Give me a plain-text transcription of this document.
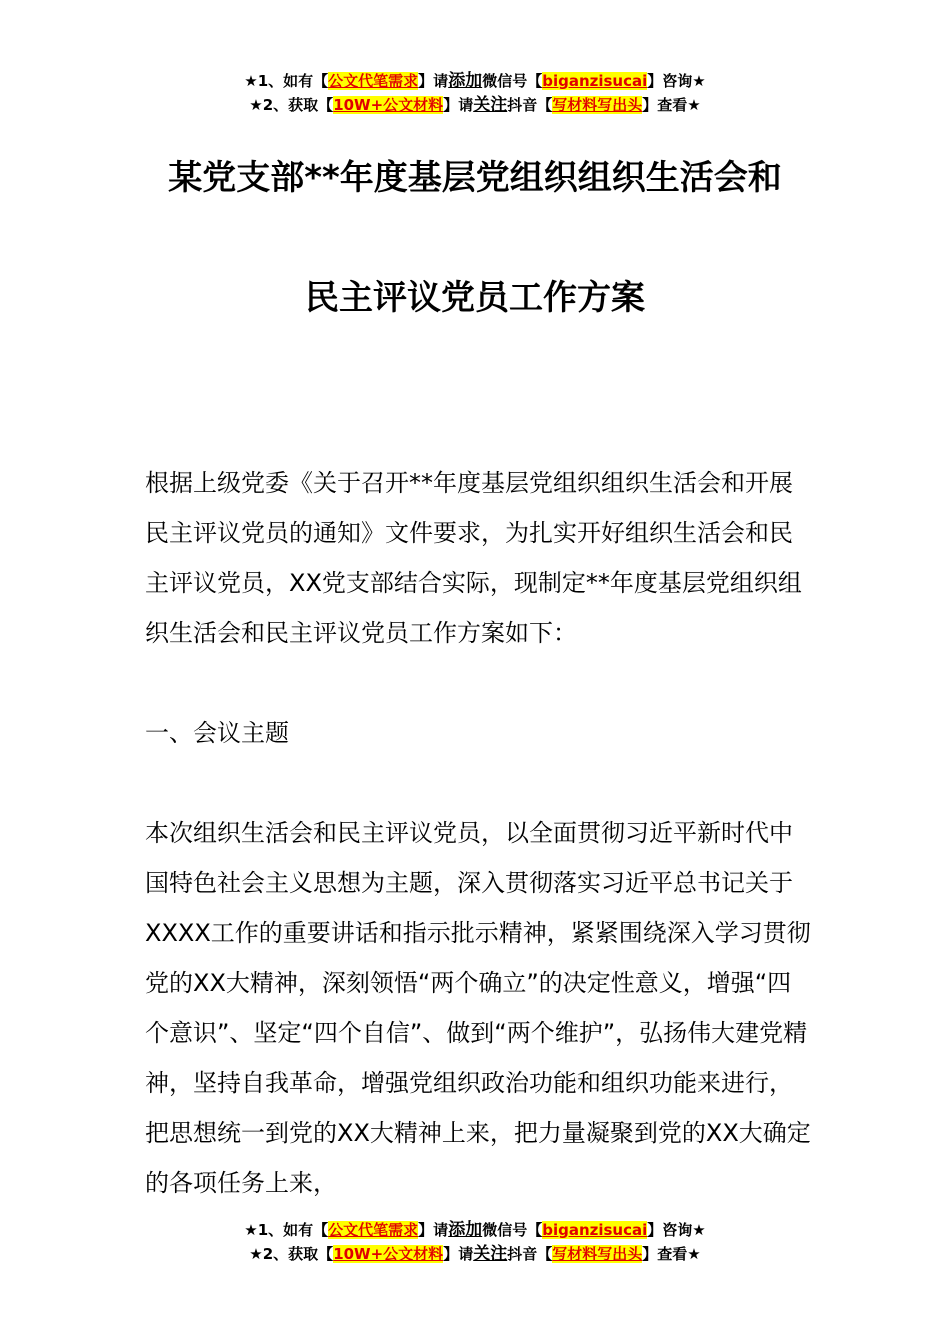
★1、如有【公文代笔需求】请添加微信号【biganzisucai】咨询★
★2、获取【10W+公文材料】请关注抖音【写材料写出头】查看★
某党支部**年度基层党组织组织生活会和
民主评议党员工作方案

根据上级党委《关于召开**年度基层党组织组织生活会和开展民主评议党员的通知》文件要求，为扎实开好组织生活会和民主评议党员，XX党支部结合实际，现制定**年度基层党组织组织生活会和民主评议党员工作方案如下：

一、会议主题

本次组织生活会和民主评议党员，以全面贯彻习近平新时代中国特色社会主义思想为主题，深入贯彻落实习近平总书记关于XXXX工作的重要讲话和指示批示精神，紧紧围绕深入学习贯彻党的XX大精神，深刻领悟“两个确立”的决定性意义，增强“四个意识”、坚定“四个自信”、做到“两个维护”，弘扬伟大建党精神，坚持自我革命，增强党组织政治功能和组织功能来进行，把思想统一到党的XX大精神上来，把力量凝聚到党的XX大确定的各项任务上来，

★1、如有【公文代笔需求】请添加微信号【biganzisucai】咨询★
★2、获取【10W+公文材料】请关注抖音【写材料写出头】查看★
